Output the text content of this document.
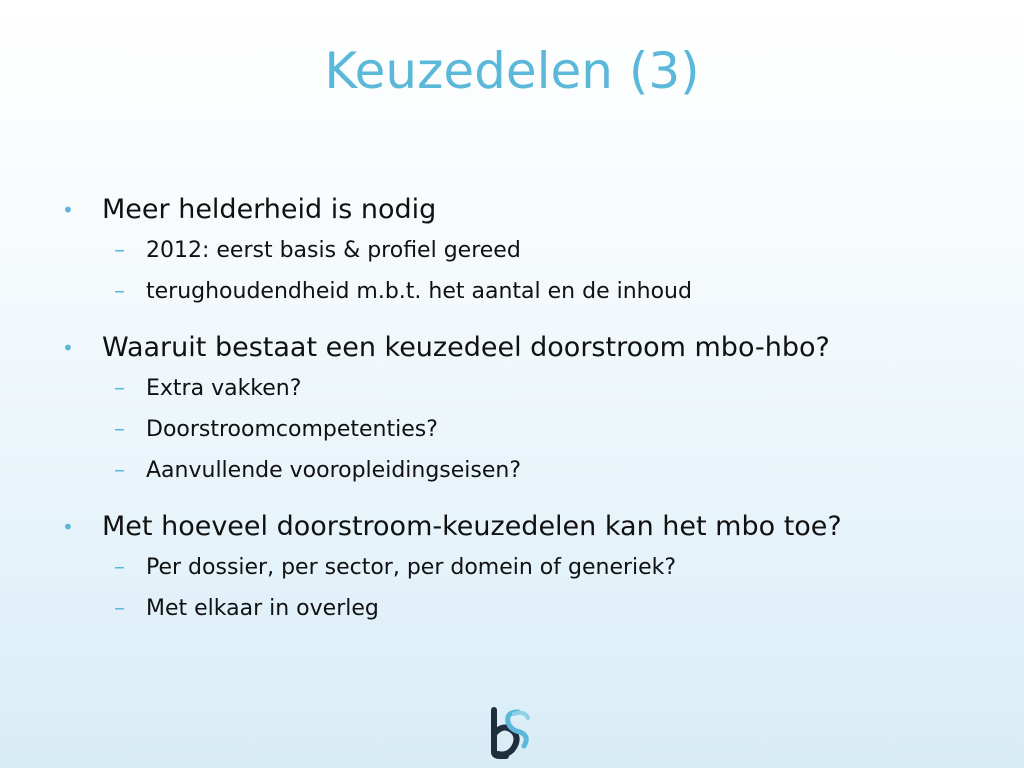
Keuzedelen (3)
• Meer helderheid is nodig
– 2012: eerst basis & profiel gereed
– terughoudendheid m.b.t. het aantal en de inhoud
• Waaruit bestaat een keuzedeel doorstroom mbo-hbo?
– Extra vakken?
– Doorstroomcompetenties?
– Aanvullende vooropleidingseisen?
• Met hoeveel doorstroom-keuzedelen kan het mbo toe?
– Per dossier, per sector, per domein of generiek?
– Met elkaar in overleg
